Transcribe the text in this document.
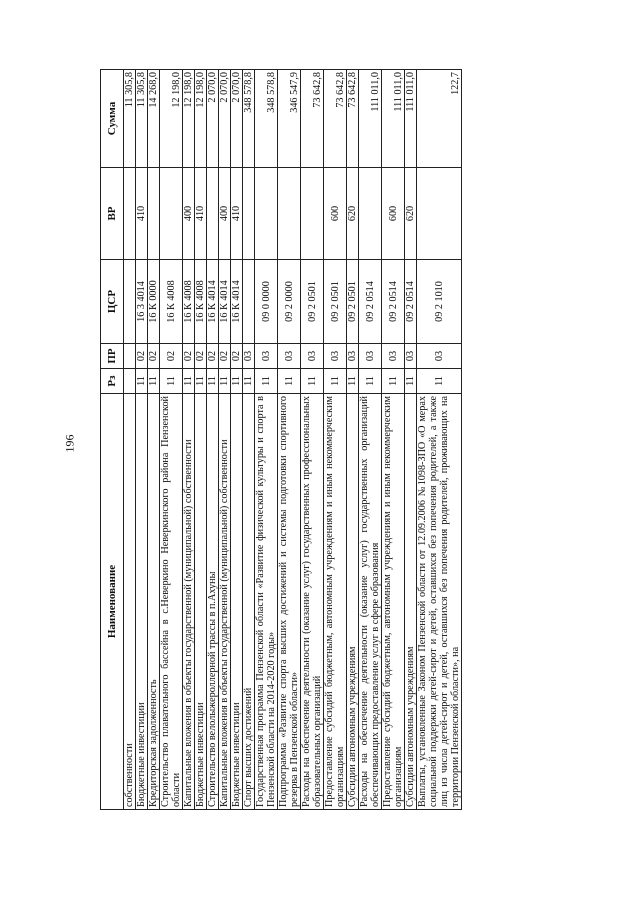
196
Наименование	Рз	ПР	ЦСР	ВР	Сумма
собственности					11 305,8
Бюджетные инвестиции	11	02	16 3 4014	410	11 305,8
Кредиторская задолженность	11	02	16 К 0000		14 268,0
Строительство плавательного бассейна в с.Неверкино Неверкинского района Пензенской области	11	02	16 К 4008		12 198,0
Капитальные вложения в объекты государственной (муниципальной) собственности	11	02	16 К 4008	400	12 198,0
Бюджетные инвестиции	11	02	16 К 4008	410	12 198,0
Строительство велолыжероллерной трассы в п.Ахуны	11	02	16 К 4014		2 070,0
Капитальные вложения в объекты государственной (муниципальной) собственности	11	02	16 К 4014	400	2 070,0
Бюджетные инвестиции	11	02	16 К 4014	410	2 070,0
Спорт высших достижений	11	03			348 578,8
Государственная программа Пензенской области «Развитие физической культуры и спорта в Пензенской области на 2014-2020 годы»	11	03	09 0 0000		348 578,8
Подпрограмма «Развитие спорта высших достижений и системы подготовки спортивного резерва в Пензенской области»	11	03	09 2 0000		346 547,9
Расходы на обеспечение деятельности (оказание услуг) государственных профессиональных образовательных организаций	11	03	09 2 0501		73 642,8
Предоставление субсидий бюджетным, автономным учреждениям и иным некоммерческим организациям	11	03	09 2 0501	600	73 642,8
Субсидии автономным учреждениям	11	03	09 2 0501	620	73 642,8
Расходы на обеспечение деятельности (оказание услуг) государственных организаций обеспечивающих предоставление услуг в сфере образования	11	03	09 2 0514		111 011,0
Предоставление субсидий бюджетным, автономным учреждениям и иным некоммерческим организациям	11	03	09 2 0514	600	111 011,0
Субсидии автономным учреждениям	11	03	09 2 0514	620	111 011,0
Выплаты, установленные Законом Пензенской области от 12.09.2006 №1098-ЗПО «О мерах социальной поддержки детей-сирот и детей, оставшихся без попечения родителей, а также лиц из числа детей-сирот и детей, оставшихся без попечения родителей, проживающих на территории Пензенской области», на	11	03	09 2 1010		122,7
